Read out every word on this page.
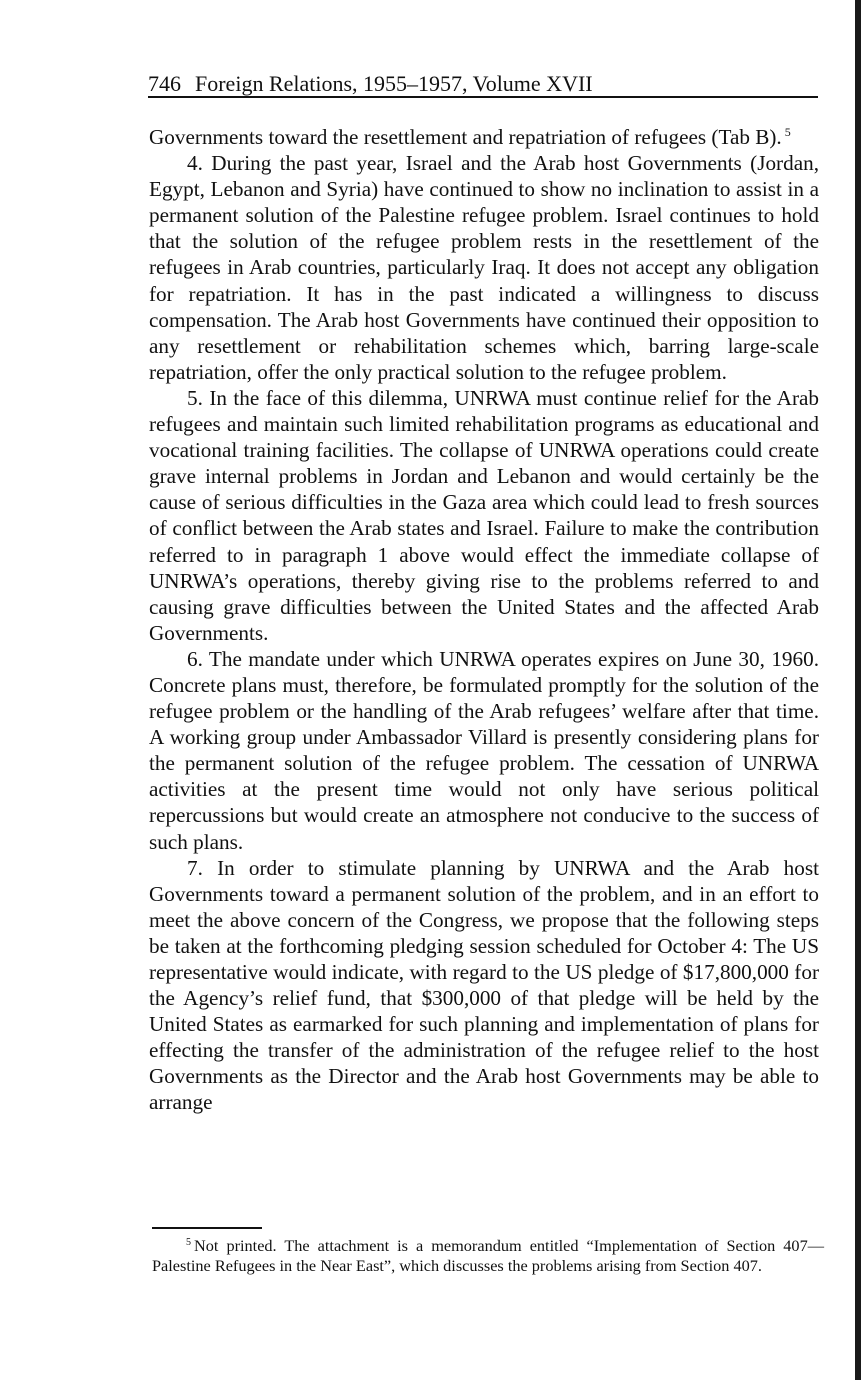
746 Foreign Relations, 1955–1957, Volume XVII

Governments toward the resettlement and repatriation of refugees (Tab B). $^5$

4. During the past year, Israel and the Arab host Governments (Jordan, Egypt, Lebanon and Syria) have continued to show no inclination to assist in a permanent solution of the Palestine refugee problem. Israel continues to hold that the solution of the refugee problem rests in the resettlement of the refugees in Arab countries, particularly Iraq. It does not accept any obligation for repatriation. It has in the past indicated a willingness to discuss compensation. The Arab host Governments have continued their opposition to any resettlement or rehabilitation schemes which, barring large-scale repatriation, offer the only practical solution to the refugee problem.

5. In the face of this dilemma, UNRWA must continue relief for the Arab refugees and maintain such limited rehabilitation programs as educational and vocational training facilities. The collapse of UNRWA operations could create grave internal problems in Jordan and Lebanon and would certainly be the cause of serious difficulties in the Gaza area which could lead to fresh sources of conflict between the Arab states and Israel. Failure to make the contribution referred to in paragraph 1 above would effect the immediate collapse of UNRWA’s operations, thereby giving rise to the problems referred to and causing grave difficulties between the United States and the affected Arab Governments.

6. The mandate under which UNRWA operates expires on June 30, 1960. Concrete plans must, therefore, be formulated promptly for the solution of the refugee problem or the handling of the Arab refugees’ welfare after that time. A working group under Ambassador Villard is presently considering plans for the permanent solution of the refugee problem. The cessation of UNRWA activities at the present time would not only have serious political repercussions but would create an atmosphere not conducive to the success of such plans.

7. In order to stimulate planning by UNRWA and the Arab host Governments toward a permanent solution of the problem, and in an effort to meet the above concern of the Congress, we propose that the following steps be taken at the forthcoming pledging session scheduled for October 4: The US representative would indicate, with regard to the US pledge of $17,800,000 for the Agency’s relief fund, that $300,000 of that pledge will be held by the United States as earmarked for such planning and implementation of plans for effecting the transfer of the administration of the refugee relief to the host Governments as the Director and the Arab host Governments may be able to arrange

$^5$ Not printed. The attachment is a memorandum entitled “Implementation of Section 407—Palestine Refugees in the Near East”, which discusses the problems arising from Section 407.
